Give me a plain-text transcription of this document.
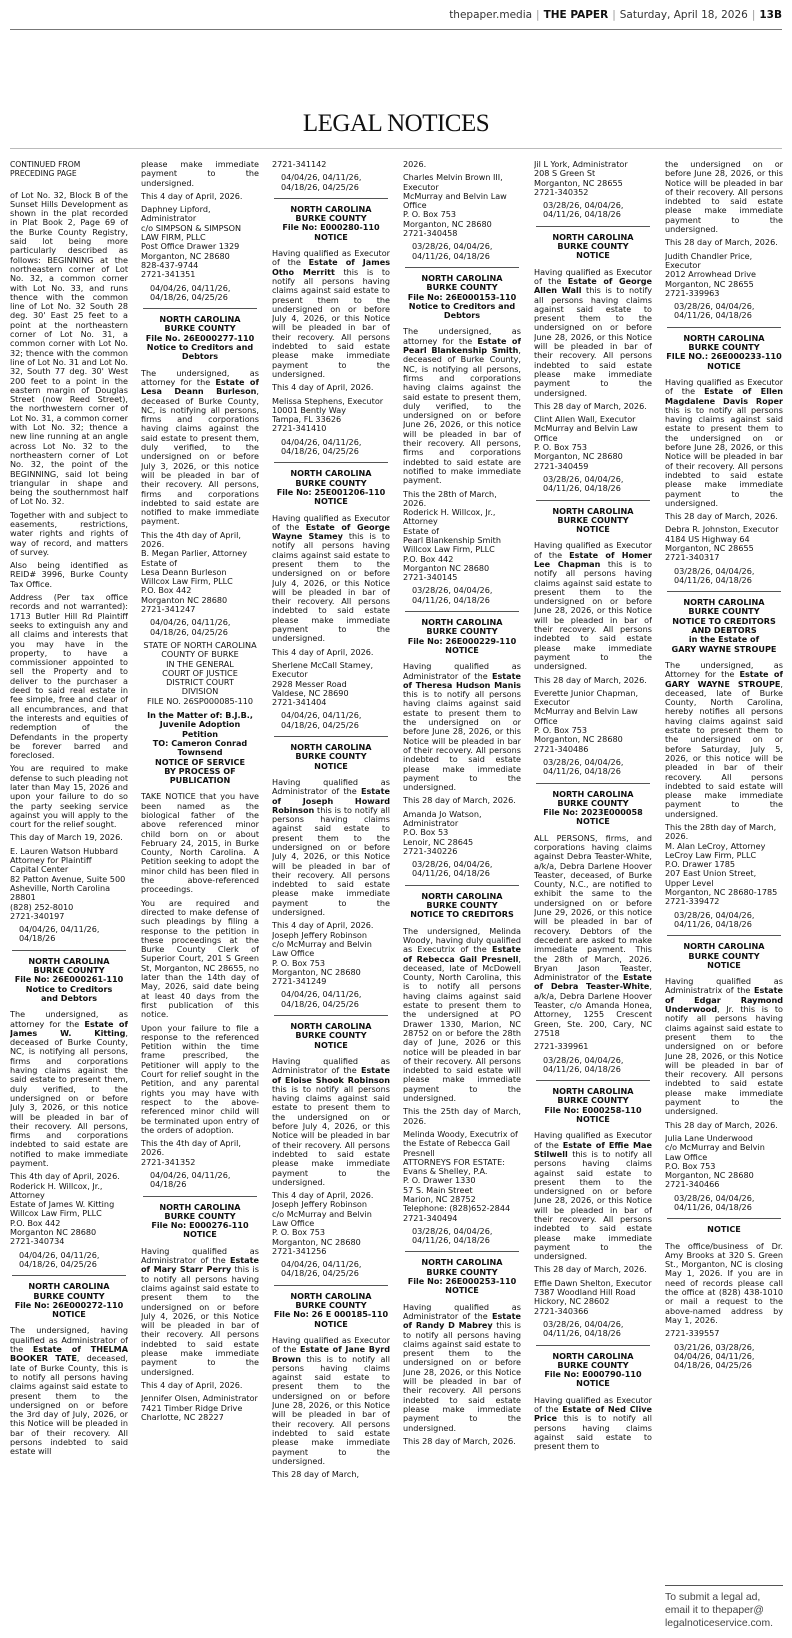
thepaper.media | THE PAPER | Saturday, April 18, 2026 | 13B
LEGAL NOTICES
CONTINUED FROM
PRECEDING PAGE

of Lot No. 32, Block B of the Sunset Hills Development as shown in the plat recorded in Plat Book 2, Page 69 of the Burke County Registry, said lot being more particularly described as follows: BEGINNING at the northeastern corner of Lot No. 32, a common corner with Lot No. 33, and runs thence with the common line of Lot No. 32 South 28 deg. 30' East 25 feet to a point at the northeastern corner of Lot No. 31, a common corner with Lot No. 32; thence with the common line of Lot No. 31 and Lot No. 32, South 77 deg. 30' West 200 feet to a point in the eastern margin of Douglas Street (now Reed Street), the northwestern corner of Lot No. 31, a common corner with Lot No. 32; thence a new line running at an angle across Lot No. 32 to the northeastern corner of Lot No. 32, the point of the BEGINNING, said lot being triangular in shape and being the southernmost half of Lot No. 32.

Together with and subject to easements, restrictions, water rights and rights of way of record, and matters of survey.

Also being identified as REID# 3996, Burke County Tax Office.

Address (Per tax office records and not warranted): 1713 Butler Hill Rd Plaintiff seeks to extinguish any and all claims and interests that you may have in the property, to have a commissioner appointed to sell the Property and to deliver to the purchaser a deed to said real estate in fee simple, free and clear of all encumbrances, and that the interests and equities of redemption of the Defendants in the property be forever barred and foreclosed.

You are required to make defense to such pleading not later than May 15, 2026 and upon your failure to do so the party seeking service against you will apply to the court for the relief sought.

This day of March 19, 2026.

E. Lauren Watson Hubbard
Attorney for Plaintiff
Capital Center
82 Patton Avenue, Suite 500
Asheville, North Carolina 28801
(828) 252-8010
2721-340197

04/04/26, 04/11/26,
04/18/26

NORTH CAROLINA
BURKE COUNTY
File No: 26E000261-110
Notice to Creditors
and Debtors

The undersigned, as attorney for the Estate of James W. Kitting, deceased of Burke County, NC, is notifying all persons, firms and corporations having claims against the said estate to present them, duly verified, to the undersigned on or before July 3, 2026, or this notice will be pleaded in bar of their recovery. All persons, firms and corporations indebted to said estate are notified to make immediate payment.

This 4th day of April, 2026.
Roderick H. Willcox, Jr., Attorney
Estate of James W. Kitting
Willcox Law Firm, PLLC
P.O. Box 442
Morganton NC 28680
2721-340734

04/04/26, 04/11/26,
04/18/26, 04/25/26

NORTH CAROLINA
BURKE COUNTY
File No: 26E000272-110
NOTICE

The undersigned, having qualified as Administrator of the Estate of THELMA BOOKER TATE, deceased, late of Burke County, this is to notify all persons having claims against said estate to present them to the undersigned on or before the 3rd day of July, 2026, or this Notice will be pleaded in bar of their recovery. All persons indebted to said estate will

please make immediate payment to the undersigned.

This 4 day of April, 2026.

Daphney Lipford, Administrator
c/o SIMPSON & SIMPSON LAW FIRM, PLLC
Post Office Drawer 1329
Morganton, NC 28680
828-437-9744
2721-341351

04/04/26, 04/11/26,
04/18/26, 04/25/26

NORTH CAROLINA
BURKE COUNTY
File No. 26E000277-110
Notice to Creditors and
Debtors

The undersigned, as attorney for the Estate of Lesa Deann Burleson, deceased of Burke County, NC, is notifying all persons, firms and corporations having claims against the said estate to present them, duly verified, to the undersigned on or before July 3, 2026, or this notice will be pleaded in bar of their recovery. All persons, firms and corporations indebted to said estate are notified to make immediate payment.

This the 4th day of April, 2026.
B. Megan Parlier, Attorney
Estate of
Lesa Deann Burleson
Willcox Law Firm, PLLC
P.O. Box 442
Morganton NC 28680
2721-341247

04/04/26, 04/11/26,
04/18/26, 04/25/26

STATE OF NORTH CAROLINA
COUNTY OF BURKE
IN THE GENERAL
COURT OF JUSTICE
DISTRICT COURT
DIVISION
FILE NO. 26SP000085-110

In the Matter of: B.J.B., Juvenile Adoption Petition
TO: Cameron Conrad Townsend
NOTICE OF SERVICE
BY PROCESS OF
PUBLICATION

TAKE NOTICE that you have been named as the biological father of the above referenced minor child born on or about February 24, 2015, in Burke County, North Carolina. A Petition seeking to adopt the minor child has been filed in the above-referenced proceedings.

You are required and directed to make defense of such pleadings by filing a response to the petition in these proceedings at the Burke County Clerk of Superior Court, 201 S Green St, Morganton, NC 28655, no later than the 14th day of May, 2026, said date being at least 40 days from the first publication of this notice.

Upon your failure to file a response to the referenced Petition within the time frame prescribed, the Petitioner will apply to the Court for relief sought in the Petition, and any parental rights you may have with respect to the above-referenced minor child will be terminated upon entry of the orders of adoption.

This the 4th day of April, 2026.
2721-341352

04/04/26, 04/11/26,
04/18/26

NORTH CAROLINA
BURKE COUNTY
File No: E000276-110
NOTICE

Having qualified as Administrator of the Estate of Mary Starr Perry this is to notify all persons having claims against said estate to present them to the undersigned on or before July 4, 2026, or this Notice will be pleaded in bar of their recovery. All persons indebted to said estate please make immediate payment to the undersigned.

This 4 day of April, 2026.

Jennifer Olsen, Administrator
7421 Timber Ridge Drive
Charlotte, NC 28227

2721-341142

04/04/26, 04/11/26,
04/18/26, 04/25/26

NORTH CAROLINA
BURKE COUNTY
File No: E000280-110
NOTICE

Having qualified as Executor of the Estate of James Otho Merritt this is to notify all persons having claims against said estate to present them to the undersigned on or before July 4, 2026, or this Notice will be pleaded in bar of their recovery. All persons indebted to said estate please make immediate payment to the undersigned.

This 4 day of April, 2026.

Melissa Stephens, Executor
10001 Bently Way
Tampa, FL 33626
2721-341410

04/04/26, 04/11/26,
04/18/26, 04/25/26

NORTH CAROLINA
BURKE COUNTY
File No: 25E001206-110
NOTICE

Having qualified as Executor of the Estate of George Wayne Stamey this is to notify all persons having claims against said estate to present them to the undersigned on or before July 4, 2026, or this Notice will be pleaded in bar of their recovery. All persons indebted to said estate please make immediate payment to the undersigned.

This 4 day of April, 2026.

Sherlene McCall Stamey, Executor
2928 Messer Road
Valdese, NC 28690
2721-341404

04/04/26, 04/11/26,
04/18/26, 04/25/26

NORTH CAROLINA
BURKE COUNTY
NOTICE

Having qualified as Administrator of the Estate of Joseph Howard Robinson this is to notify all persons having claims against said estate to present them to the undersigned on or before July 4, 2026, or this Notice will be pleaded in bar of their recovery. All persons indebted to said estate please make immediate payment to the undersigned.

This 4 day of April, 2026.
Joseph Jeffery Robinson
c/o McMurray and Belvin Law Office
P. O. Box 753
Morganton, NC 28680
2721-341249

04/04/26, 04/11/26,
04/18/26, 04/25/26

NORTH CAROLINA
BURKE COUNTY
NOTICE

Having qualified as Administrator of the Estate of Eloise Shook Robinson this is to notify all persons having claims against said estate to present them to the undersigned on or before July 4, 2026, or this Notice will be pleaded in bar of their recovery. All persons indebted to said estate please make immediate payment to the undersigned.

This 4 day of April, 2026.
Joseph Jeffery Robinson
c/o McMurray and Belvin Law Office
P. O. Box 753
Morganton, NC 28680
2721-341256

04/04/26, 04/11/26,
04/18/26, 04/25/26

NORTH CAROLINA
BURKE COUNTY
File No: 26 E 000185-110
NOTICE

Having qualified as Executor of the Estate of Jane Byrd Brown this is to notify all persons having claims against said estate to present them to the undersigned on or before June 28, 2026, or this Notice will be pleaded in bar of their recovery. All persons indebted to said estate please make immediate payment to the undersigned.

This 28 day of March,

2026.

Charles Melvin Brown III, Executor
McMurray and Belvin Law Office
P. O. Box 753
Morganton, NC 28680
2721-340458

03/28/26, 04/04/26,
04/11/26, 04/18/26

NORTH CAROLINA
BURKE COUNTY
File No: 26E000153-110
Notice to Creditors and
Debtors

The undersigned, as attorney for the Estate of Pearl Blankenship Smith, deceased of Burke County, NC, is notifying all persons, firms and corporations having claims against the said estate to present them, duly verified, to the undersigned on or before June 26, 2026, or this notice will be pleaded in bar of their recovery. All persons, firms and corporations indebted to said estate are notified to make immediate payment.

This the 28th of March, 2026.
Roderick H. Willcox, Jr., Attorney
Estate of
Pearl Blankenship Smith
Willcox Law Firm, PLLC
P.O. Box 442
Morganton NC 28680
2721-340145

03/28/26, 04/04/26,
04/11/26, 04/18/26

NORTH CAROLINA
BURKE COUNTY
File No: 26E000229-110
NOTICE

Having qualified as Administrator of the Estate of Theresa Hudson Manis this is to notify all persons having claims against said estate to present them to the undersigned on or before June 28, 2026, or this Notice will be pleaded in bar of their recovery. All persons indebted to said estate please make immediate payment to the undersigned.

This 28 day of March, 2026.

Amanda Jo Watson, Administrator
P.O. Box 53
Lenoir, NC 28645
2721-340226

03/28/26, 04/04/26,
04/11/26, 04/18/26

NORTH CAROLINA
BURKE COUNTY
NOTICE TO CREDITORS

The undersigned, Melinda Woody, having duly qualified as Executrix of the Estate of Rebecca Gail Presnell, deceased, late of McDowell County, North Carolina, this is to notify all persons having claims against said estate to present them to the undersigned at PO Drawer 1330, Marion, NC 28752 on or before the 28th day of June, 2026 or this notice will be pleaded in bar of their recovery. All persons indebted to said estate will please make immediate payment to the undersigned.

This the 25th day of March, 2026.

Melinda Woody, Executrix of the Estate of Rebecca Gail Presnell
ATTORNEYS FOR ESTATE:
Evans & Shelley, P.A.
P. O. Drawer 1330
57 S. Main Street
Marion, NC 28752
Telephone: (828)652-2844
2721-340494

03/28/26, 04/04/26,
04/11/26, 04/18/26

NORTH CAROLINA
BURKE COUNTY
File No: 26E000253-110
NOTICE

Having qualified as Administrator of the Estate of Randy D Mabrey this is to notify all persons having claims against said estate to present them to the undersigned on or before June 28, 2026, or this Notice will be pleaded in bar of their recovery. All persons indebted to said estate please make immediate payment to the undersigned.

This 28 day of March, 2026.

Jil L York, Administrator
208 S Green St
Morganton, NC 28655
2721-340352

03/28/26, 04/04/26,
04/11/26, 04/18/26

NORTH CAROLINA
BURKE COUNTY
NOTICE

Having qualified as Executor of the Estate of George Allen Wall this is to notify all persons having claims against said estate to present them to the undersigned on or before June 28, 2026, or this Notice will be pleaded in bar of their recovery. All persons indebted to said estate please make immediate payment to the undersigned.

This 28 day of March, 2026.

Clint Allen Wall, Executor
McMurray and Belvin Law Office
P. O. Box 753
Morganton, NC 28680
2721-340459

03/28/26, 04/04/26,
04/11/26, 04/18/26

NORTH CAROLINA
BURKE COUNTY
NOTICE

Having qualified as Executor of the Estate of Homer Lee Chapman this is to notify all persons having claims against said estate to present them to the undersigned on or before June 28, 2026, or this Notice will be pleaded in bar of their recovery. All persons indebted to said estate please make immediate payment to the undersigned.

This 28 day of March, 2026.

Everette Junior Chapman, Executor
McMurray and Belvin Law Office
P. O. Box 753
Morganton, NC 28680
2721-340486

03/28/26, 04/04/26,
04/11/26, 04/18/26

NORTH CAROLINA
BURKE COUNTY
File No: 2023E000058
NOTICE

ALL PERSONS, firms, and corporations having claims against Debra Teaster-White, a/k/a, Debra Darlene Hoover Teaster, deceased, of Burke County, N.C., are notified to exhibit the same to the undersigned on or before June 29, 2026, or this notice will be pleaded in bar of recovery. Debtors of the decedent are asked to make immediate payment. This the 28th of March, 2026. Bryan Jason Teaster, Administrator of the Estate of Debra Teaster-White, a/k/a, Debra Darlene Hoover Teaster, c/o Amanda Honea, Attorney, 1255 Crescent Green, Ste. 200, Cary, NC 27518

2721-339961

03/28/26, 04/04/26,
04/11/26, 04/18/26

NORTH CAROLINA
BURKE COUNTY
File No: E000258-110
NOTICE

Having qualified as Executor of the Estate of Effie Mae Stilwell this is to notify all persons having claims against said estate to present them to the undersigned on or before June 28, 2026, or this Notice will be pleaded in bar of their recovery. All persons indebted to said estate please make immediate payment to the undersigned.

This 28 day of March, 2026.

Effie Dawn Shelton, Executor
7387 Woodland Hill Road
Hickory, NC 28602
2721-340366

03/28/26, 04/04/26,
04/11/26, 04/18/26

NORTH CAROLINA
BURKE COUNTY
File No: E000790-110
NOTICE

Having qualified as Executor of the Estate of Ned Clive Price this is to notify all persons having claims against said estate to present them to

the undersigned on or before June 28, 2026, or this Notice will be pleaded in bar of their recovery. All persons indebted to said estate please make immediate payment to the undersigned.

This 28 day of March, 2026.

Judith Chandler Price, Executor
2012 Arrowhead Drive
Morganton, NC 28655
2721-339963

03/28/26, 04/04/26,
04/11/26, 04/18/26

NORTH CAROLINA
BURKE COUNTY
FILE NO.: 26E000233-110
NOTICE

Having qualified as Executor of the Estate of Ellen Magdalene Davis Roper this is to notify all persons having claims against said estate to present them to the undersigned on or before June 28, 2026, or this Notice will be pleaded in bar of their recovery. All persons indebted to said estate please make immediate payment to the undersigned.

This 28 day of March, 2026.

Debra R. Johnston, Executor
4184 US Highway 64
Morganton, NC 28655
2721-340317

03/28/26, 04/04/26,
04/11/26, 04/18/26

NORTH CAROLINA
BURKE COUNTY
NOTICE TO CREDITORS
AND DEBTORS
in the Estate of
GARY WAYNE STROUPE

The undersigned, as Attorney for the Estate of GARY WAYNE STROUPE, deceased, late of Burke County, North Carolina, hereby notifies all persons having claims against said estate to present them to the undersigned on or before Saturday, July 5, 2026, or this notice will be pleaded in bar of their recovery. All persons indebted to said estate will please make immediate payment to the undersigned.

This the 28th day of March, 2026.
M. Alan LeCroy, Attorney
LeCroy Law Firm, PLLC
P.O. Drawer 1785
207 East Union Street, Upper Level
Morganton, NC 28680-1785
2721-339472

03/28/26, 04/04/26,
04/11/26, 04/18/26

NORTH CAROLINA
BURKE COUNTY
NOTICE

Having qualified as Administratrix of the Estate of Edgar Raymond Underwood, Jr. this is to notify all persons having claims against said estate to present them to the undersigned on or before June 28, 2026, or this Notice will be pleaded in bar of their recovery. All persons indebted to said estate please make immediate payment to the undersigned.

This 28 day of March, 2026.

Julia Lane Underwood
c/o McMurray and Belvin Law Office
P.O. Box 753
Morganton, NC 28680
2721-340466

03/28/26, 04/04/26,
04/11/26, 04/18/26

NOTICE

The office/business of Dr. Amy Brooks at 320 S. Green St., Morganton, NC is closing May 1, 2026. If you are in need of records please call the office at (828) 438-1010 or mail a request to the above-named address by May 1, 2026.

2721-339557

03/21/26, 03/28/26,
04/04/26, 04/11/26,
04/18/26, 04/25/26

To submit a legal ad,
email it to thepaper@
legalnoticeservice.com.
